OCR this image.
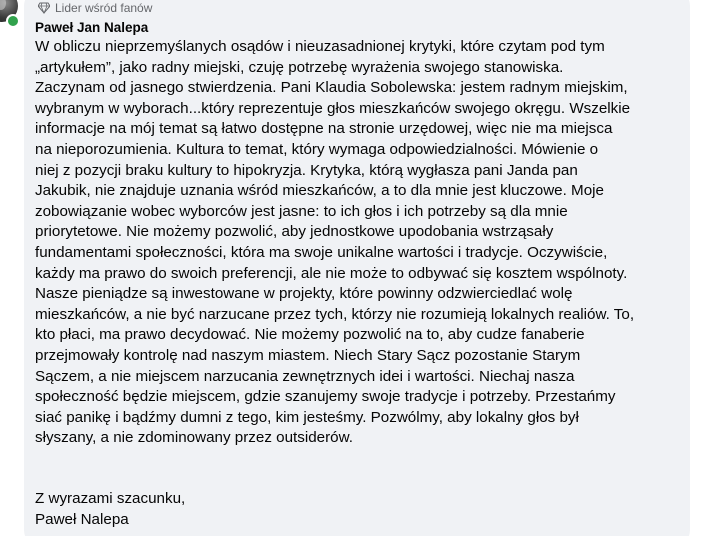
Lider wśród fanów
Paweł Jan Nalepa

W obliczu nieprzemyślanych osądów i nieuzasadnionej krytyki, które czytam pod tym

„artykułem”, jako radny miejski, czuję potrzebę wyrażenia swojego stanowiska.

Zaczynam od jasnego stwierdzenia. Pani Klaudia Sobolewska: jestem radnym miejskim,

wybranym w wyborach...który reprezentuje głos mieszkańców swojego okręgu. Wszelkie

informacje na mój temat są łatwo dostępne na stronie urzędowej, więc nie ma miejsca

na nieporozumienia. Kultura to temat, który wymaga odpowiedzialności. Mówienie o

niej z pozycji braku kultury to hipokryzja. Krytyka, którą wygłasza pani Janda pan

Jakubik, nie znajduje uznania wśród mieszkańców, a to dla mnie jest kluczowe. Moje

zobowiązanie wobec wyborców jest jasne: to ich głos i ich potrzeby są dla mnie

priorytetowe. Nie możemy pozwolić, aby jednostkowe upodobania wstrząsały

fundamentami społeczności, która ma swoje unikalne wartości i tradycje. Oczywiście,

każdy ma prawo do swoich preferencji, ale nie może to odbywać się kosztem wspólnoty.

Nasze pieniądze są inwestowane w projekty, które powinny odzwierciedlać wolę

mieszkańców, a nie być narzucane przez tych, którzy nie rozumieją lokalnych realiów. To,

kto płaci, ma prawo decydować. Nie możemy pozwolić na to, aby cudze fanaberie

przejmowały kontrolę nad naszym miastem. Niech Stary Sącz pozostanie Starym

Sączem, a nie miejscem narzucania zewnętrznych idei i wartości. Niechaj nasza

społeczność będzie miejscem, gdzie szanujemy swoje tradycje i potrzeby. Przestańmy

siać panikę i bądźmy dumni z tego, kim jesteśmy. Pozwólmy, aby lokalny głos był

słyszany, a nie zdominowany przez outsiderów.

Z wyrazami szacunku,

Paweł Nalepa
